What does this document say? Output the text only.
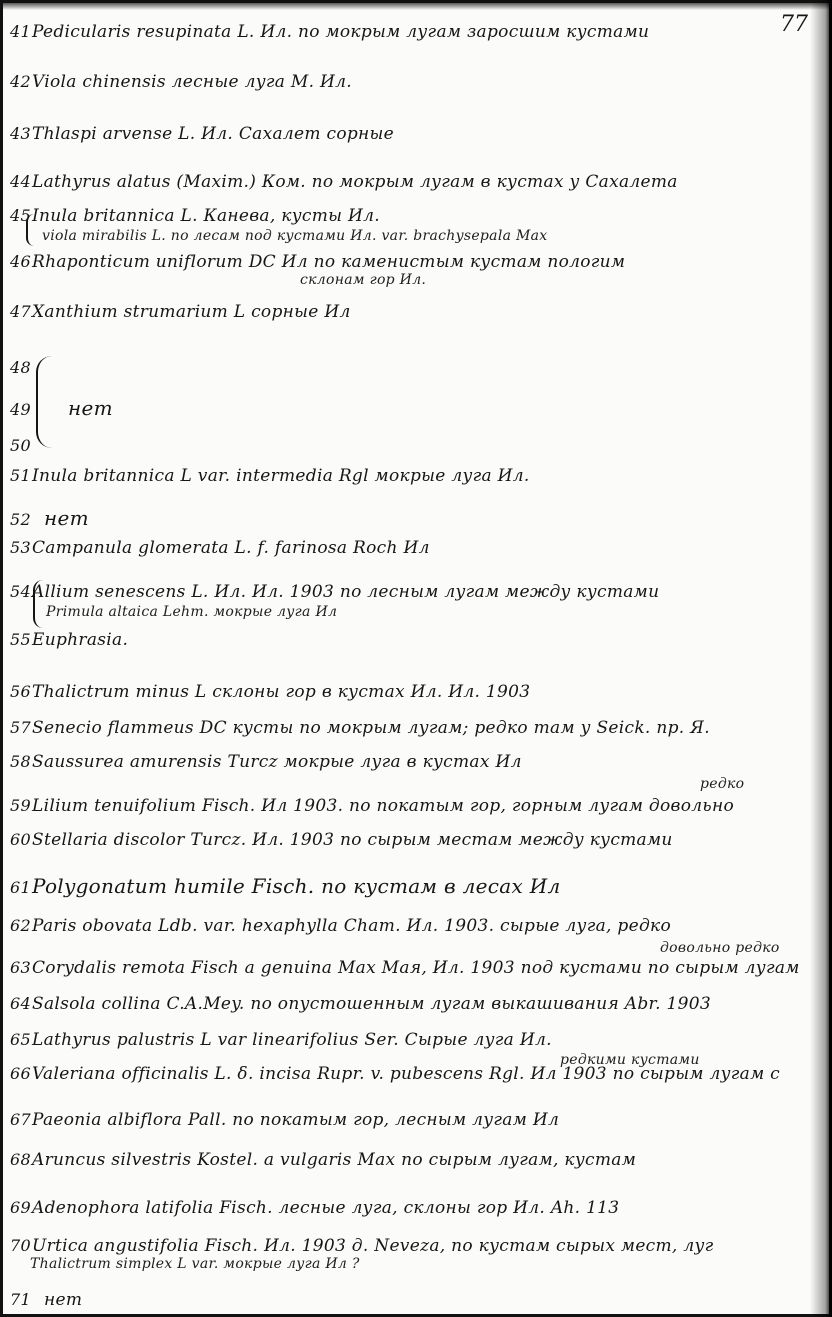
77
41Pedicularis resupinata L. Ил. по мокрым лугам заросшим кустами
42Viola chinensis лесные луга М. Ил.
43Thlaspi arvense L. Ил. Сахалет сорные
44Lathyrus alatus (Maxim.) Ком. по мокрым лугам в кустах у Сахалета
45Inula britannica L. Канева, кусты Ил.
viola mirabilis L. по лесам под кустами Ил. var. brachysepala Max
46Rhaponticum uniflorum DC Ил по каменистым кустам пологим
склонам гор Ил.
47Xanthium strumarium L сорные Ил
48
49 нет
50
51Inula britannica L var. intermedia Rgl мокрые луга Ил.
52 нет
53Campanula glomerata L. f. farinosa Roch Ил
54Allium senescens L. Ил. Ил. 1903 по лесным лугам между кустами
Primula altaica Lehm. мокрые луга Ил
55Euphrasia.
56Thalictrum minus L склоны гор в кустах Ил. Ил. 1903
57Senecio flammeus DC кусты по мокрым лугам; редко там у Seick. пр. Я.
58Saussurea amurensis Turcz мокрые луга в кустах Ил
59Lilium tenuifolium Fisch. Ил 1903. по покатым гор, горным лугам довольно
редко
60Stellaria discolor Turcz. Ил. 1903 по сырым местам между кустами
61Polygonatum humile Fisch. по кустам в лесах Ил
62Paris obovata Ldb. var. hexaphylla Cham. Ил. 1903. сырые луга, редко
63Corydalis remota Fisch a genuina Max Мая, Ил. 1903 под кустами по сырым лугам
довольно редко
64Salsola collina C.A.Mey. по опустошенным лугам выкашивания Abr. 1903
65Lathyrus palustris L var linearifolius Ser. Сырые луга Ил.
66Valeriana officinalis L. δ. incisa Rupr. v. pubescens Rgl. Ил 1903 по сырым лугам с
редкими кустами
67Paeonia albiflora Pall. по покатым гор, лесным лугам Ил
68Aruncus silvestris Kostel. a vulgaris Max по сырым лугам, кустам
69Adenophora latifolia Fisch. лесные луга, склоны гор Ил. Ah. 113
70Urtica angustifolia Fisch. Ил. 1903 д. Neveza, по кустам сырых мест, луг
Thalictrum simplex L var. мокрые луга Ил ?
71 нет
